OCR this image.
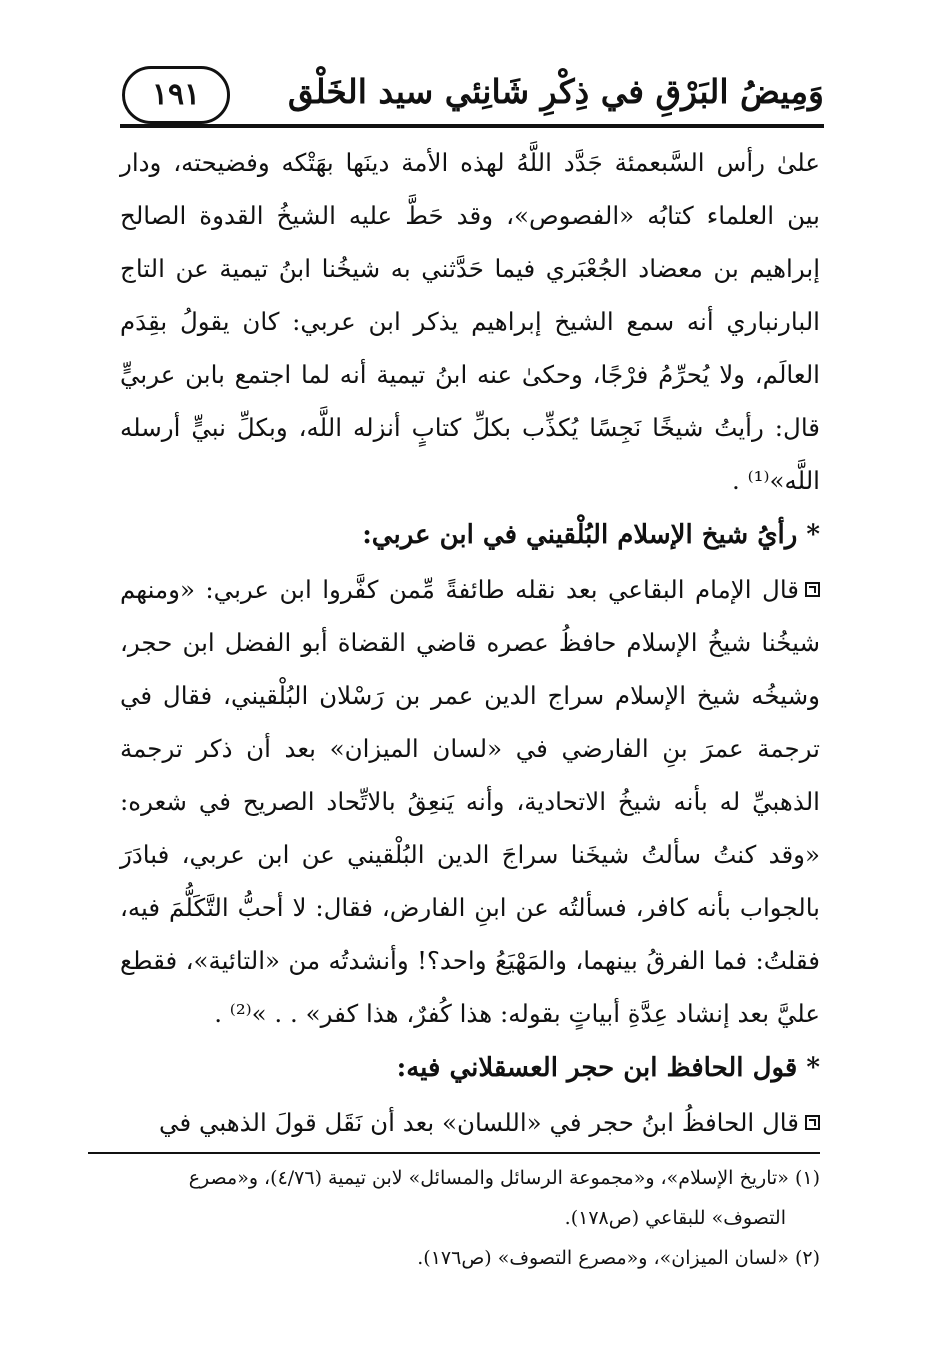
وَمِيضُ البَرْقِ في ذِكْرِ شَانِئي سيد الخَلْق
١٩١

علىٰ رأس السَّبعمئة جَدَّد اللَّهُ لهذه الأمة دينَها بهَتْكه وفضيحته، ودار بين العلماء كتابُه «الفصوص»، وقد حَطَّ عليه الشيخُ القدوة الصالح إبراهيم بن معضاد الجُعْبَري فيما حَدَّثني به شيخُنا ابنُ تيمية عن التاج البارنباري أنه سمع الشيخ إبراهيم يذكر ابن عربي: كان يقولُ بقِدَم العالَم، ولا يُحرِّمُ فرْجًا، وحكىٰ عنه ابنُ تيمية أنه لما اجتمع بابن عربيٍّ قال: رأيتُ شيخًا نَجِسًا يُكذِّب بكلِّ كتابٍ أنزله اللَّه، وبكلِّ نبيٍّ أرسله اللَّه»⁽¹⁾ .

* رأيُ شيخ الإسلام البُلْقيني في ابن عربي:

قال الإمام البقاعي بعد نقله طائفةً مِّمن كفَّروا ابن عربي: «ومنهم شيخُنا شيخُ الإسلام حافظُ عصره قاضي القضاة أبو الفضل ابن حجر، وشيخُه شيخ الإسلام سراج الدين عمر بن رَسْلان البُلْقيني، فقال في ترجمة عمرَ بنِ الفارضي في «لسان الميزان» بعد أن ذكر ترجمة الذهبيِّ له بأنه شيخُ الاتحادية، وأنه يَنعِقُ بالاتِّحاد الصريح في شعره: «وقد كنتُ سألتُ شيخَنا سراجَ الدين البُلْقيني عن ابن عربي، فبادَرَ بالجواب بأنه كافر، فسألتُه عن ابنِ الفارض، فقال: لا أحبُّ التَّكَلُّمَ فيه، فقلتُ: فما الفرقُ بينهما، والمَهْيَعُ واحد؟! وأنشدتُه من «التائية»، فقطع عليَّ بعد إنشاد عِدَّةِ أبياتٍ بقوله: هذا كُفرٌ، هذا كفر» . . »⁽²⁾ .

* قول الحافظ ابن حجر العسقلاني فيه:

قال الحافظُ ابنُ حجر في «اللسان» بعد أن نَقَل قولَ الذهبي في

(١) «تاريخ الإسلام»، و«مجموعة الرسائل والمسائل» لابن تيمية (٤/٧٦)، و«مصرع

التصوف» للبقاعي (ص١٧٨).

(٢) «لسان الميزان»، و«مصرع التصوف» (ص١٧٦).
